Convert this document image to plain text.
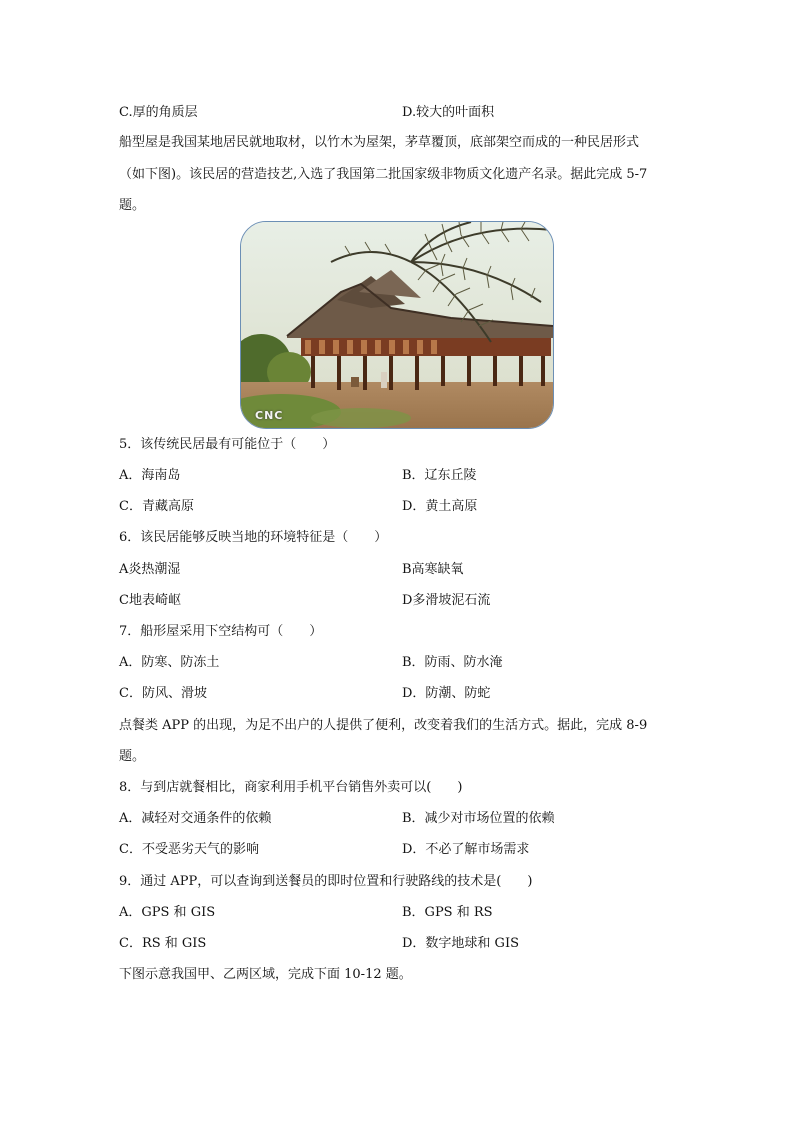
C.厚的角质层	D.较大的叶面积
船型屋是我国某地居民就地取材，以竹木为屋架，茅草覆顶，底部架空而成的一种民居形式
（如下图)。该民居的营造技艺,入选了我国第二批国家级非物质文化遗产名录。据此完成 5-7
题。
CNC
5．该传统民居最有可能位于（　　）
A．海南岛	B．辽东丘陵
C．青藏高原	D．黄土高原
6．该民居能够反映当地的环境特征是（　　）
A炎热潮湿	B高寒缺氧
C地表崎岖	D多滑坡泥石流
7．船形屋采用下空结构可（　　）
A．防寒、防冻土	B．防雨、防水淹
C．防风、滑坡	D．防潮、防蛇
点餐类 APP 的出现，为足不出户的人提供了便利，改变着我们的生活方式。据此，完成 8-9
题。
8．与到店就餐相比，商家利用手机平台销售外卖可以(　　)
A．减轻对交通条件的依赖	B．减少对市场位置的依赖
C．不受恶劣天气的影响	D．不必了解市场需求
9．通过 APP，可以查询到送餐员的即时位置和行驶路线的技术是(　　)
A．GPS 和 GIS	B．GPS 和 RS
C．RS 和 GIS	D．数字地球和 GIS
下图示意我国甲、乙两区域，完成下面 10-12 题。
